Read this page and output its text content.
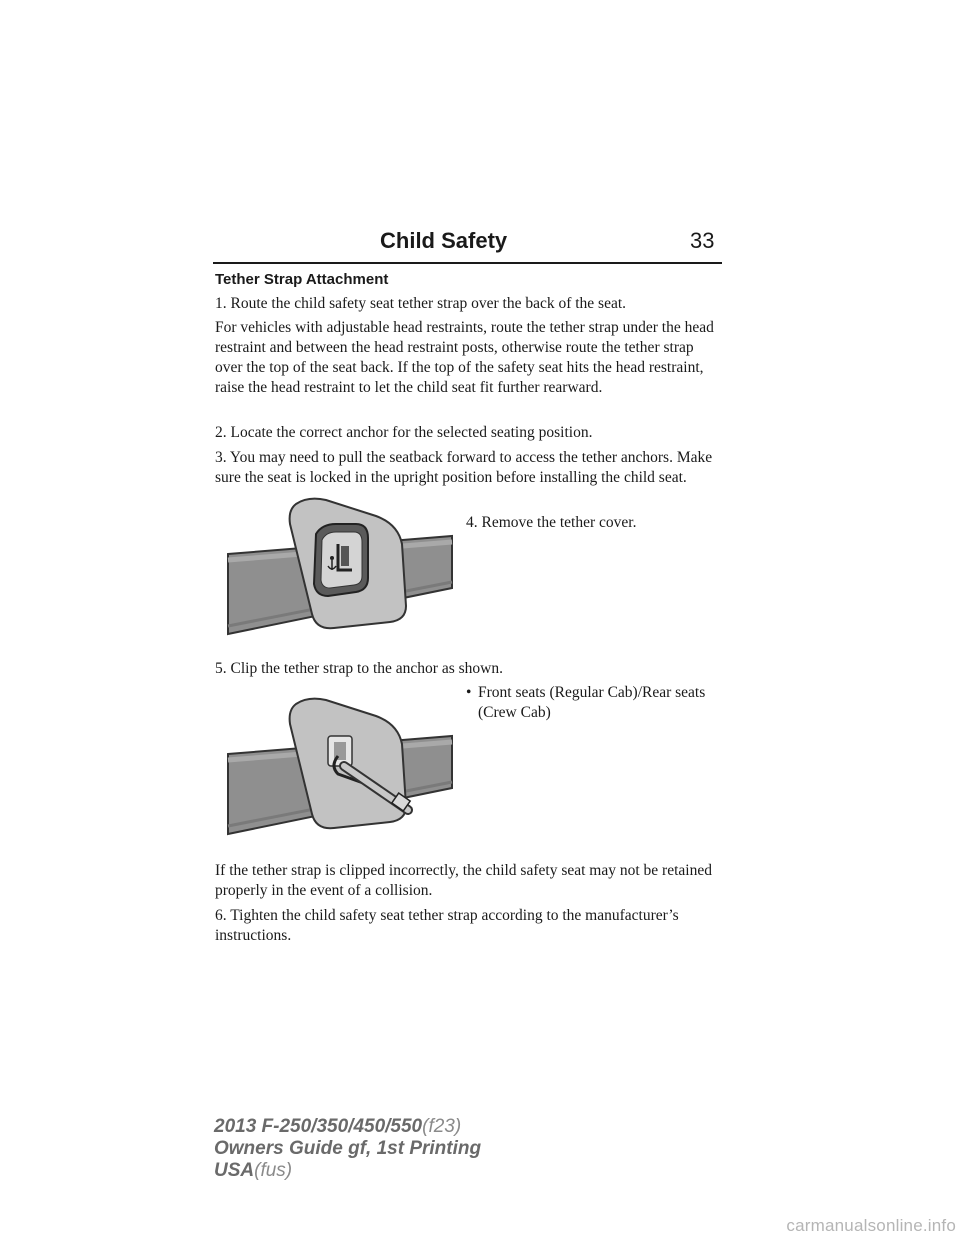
Child Safety	33
Tether Strap Attachment
1. Route the child safety seat tether strap over the back of the seat.
For vehicles with adjustable head restraints, route the tether strap under the head restraint and between the head restraint posts, otherwise route the tether strap over the top of the seat back. If the top of the safety seat hits the head restraint, raise the head restraint to let the child seat fit further rearward.
2. Locate the correct anchor for the selected seating position.
3. You may need to pull the seatback forward to access the tether anchors. Make sure the seat is locked in the upright position before installing the child seat.
4. Remove the tether cover.
5. Clip the tether strap to the anchor as shown.
• Front seats (Regular Cab)/Rear seats (Crew Cab)
If the tether strap is clipped incorrectly, the child safety seat may not be retained properly in the event of a collision.
6. Tighten the child safety seat tether strap according to the manufacturer’s instructions.
2013 F-250/350/450/550(f23)
Owners Guide gf, 1st Printing
USA(fus)
carmanualsonline.info
